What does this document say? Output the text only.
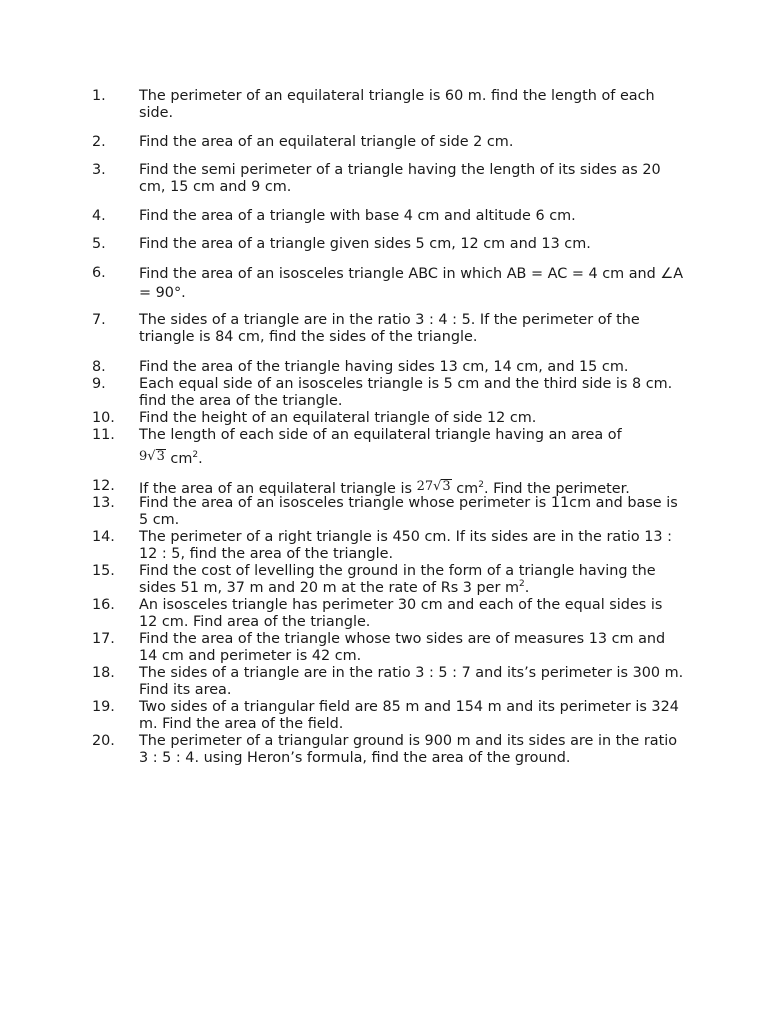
1.	The perimeter of an equilateral triangle is 60 m. find the length of each side.
2.	Find the area of an equilateral triangle of side 2 cm.
3.	Find the semi perimeter of a triangle having the length of its sides as 20 cm, 15 cm and 9 cm.
4.	Find the area of a triangle with base 4 cm and altitude 6 cm.
5.	Find the area of a triangle given sides 5 cm, 12 cm and 13 cm.
6.	Find the area of an isosceles triangle ABC in which AB = AC = 4 cm and ∠A = 90°.
7.	The sides of a triangle are in the ratio 3 : 4 : 5. If the perimeter of the triangle is 84 cm, find the sides of the triangle.
8.	Find the area of the triangle having sides 13 cm, 14 cm, and 15 cm.
9.	Each equal side of an isosceles triangle is 5 cm and the third side is 8 cm. find the area of the triangle.
10.	Find the height of an equilateral triangle of side 12 cm.
11.	The length of each side of an equilateral triangle having an area of
9√3 $cm^2$.
12.	If the area of an equilateral triangle is 27√3 $cm^2$. Find the perimeter.
13.	Find the area of an isosceles triangle whose perimeter is 11cm and base is 5 cm.
14.	The perimeter of a right triangle is 450 cm. If its sides are in the ratio 13 : 12 : 5, find the area of the triangle.
15.	Find the cost of levelling the ground in the form of a triangle having the sides 51 m, 37 m and 20 m at the rate of Rs 3 per $m^2$.
16.	An isosceles triangle has perimeter 30 cm and each of the equal sides is 12 cm. Find area of the triangle.
17.	Find the area of the triangle whose two sides are of measures 13 cm and 14 cm and perimeter is 42 cm.
18.	The sides of a triangle are in the ratio 3 : 5 : 7 and its’s perimeter is 300 m. Find its area.
19.	Two sides of a triangular field are 85 m and 154 m and its perimeter is 324 m. Find the area of the field.
20.	The perimeter of a triangular ground is 900 m and its sides are in the ratio 3 : 5 : 4. using Heron’s formula, find the area of the ground.
